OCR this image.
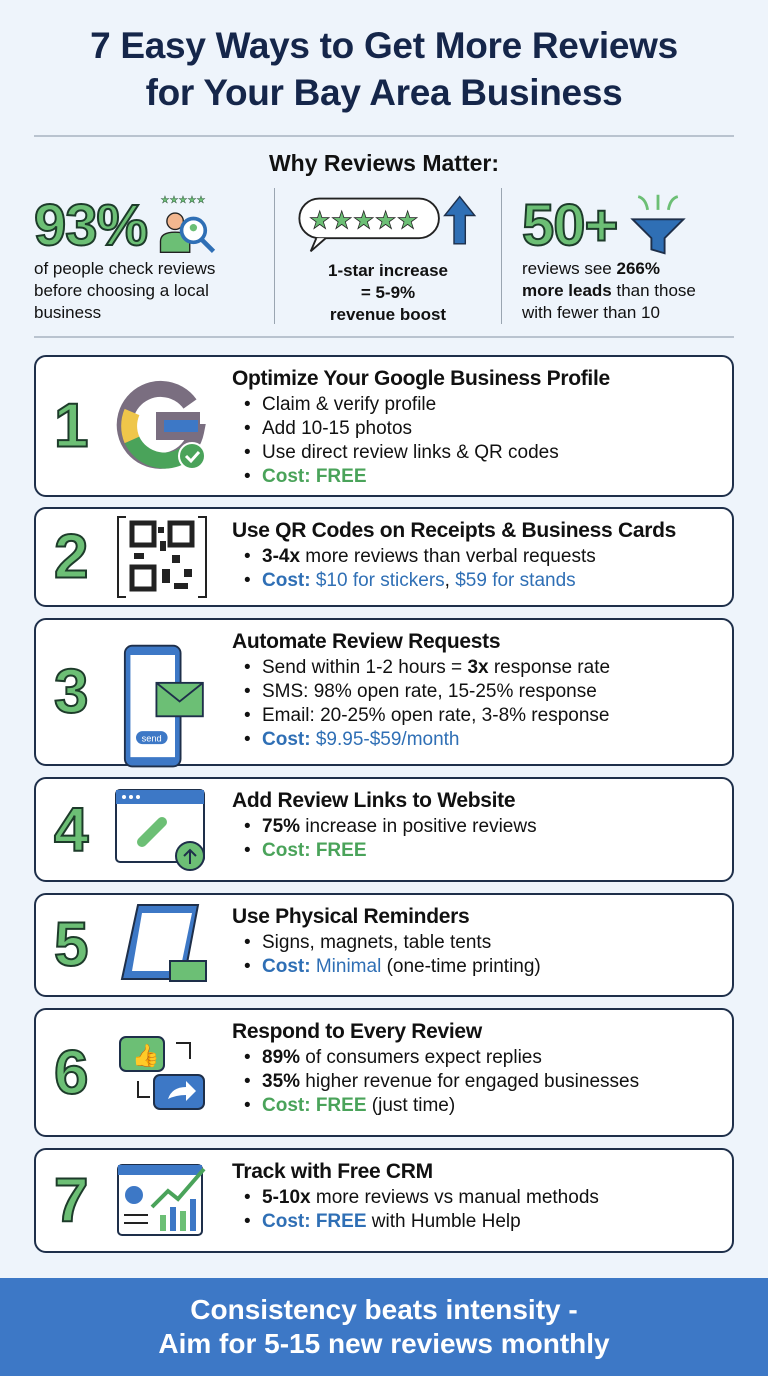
7 Easy Ways to Get More Reviews
for Your Bay Area Business
Why Reviews Matter:
93% ★★★★★
of people check reviews
before choosing a local
business
★★★★★
1-star increase
= 5-9%
revenue boost
50+
reviews see 266%
more leads than those
with fewer than 10
1
Optimize Your Google Business Profile
• Claim & verify profile
• Add 10-15 photos
• Use direct review links & QR codes
• Cost: FREE
2	Use QR Codes on Receipts & Business Cards
• 3-4x more reviews than verbal requests
• Cost: $10 for stickers, $59 for stands
3
send
Automate Review Requests
• Send within 1-2 hours = 3x response rate
• SMS: 98% open rate, 15-25% response
• Email: 20-25% open rate, 3-8% response
• Cost: $9.95-$59/month
4	Add Review Links to Website
• 75% increase in positive reviews
• Cost: FREE
5	Use Physical Reminders
• Signs, magnets, table tents
• Cost: Minimal (one-time printing)
6 👍
Respond to Every Review
• 89% of consumers expect replies
• 35% higher revenue for engaged businesses
• Cost: FREE (just time)
7	Track with Free CRM
• 5-10x more reviews vs manual methods
• Cost: FREE with Humble Help
Consistency beats intensity -
Aim for 5-15 new reviews monthly
